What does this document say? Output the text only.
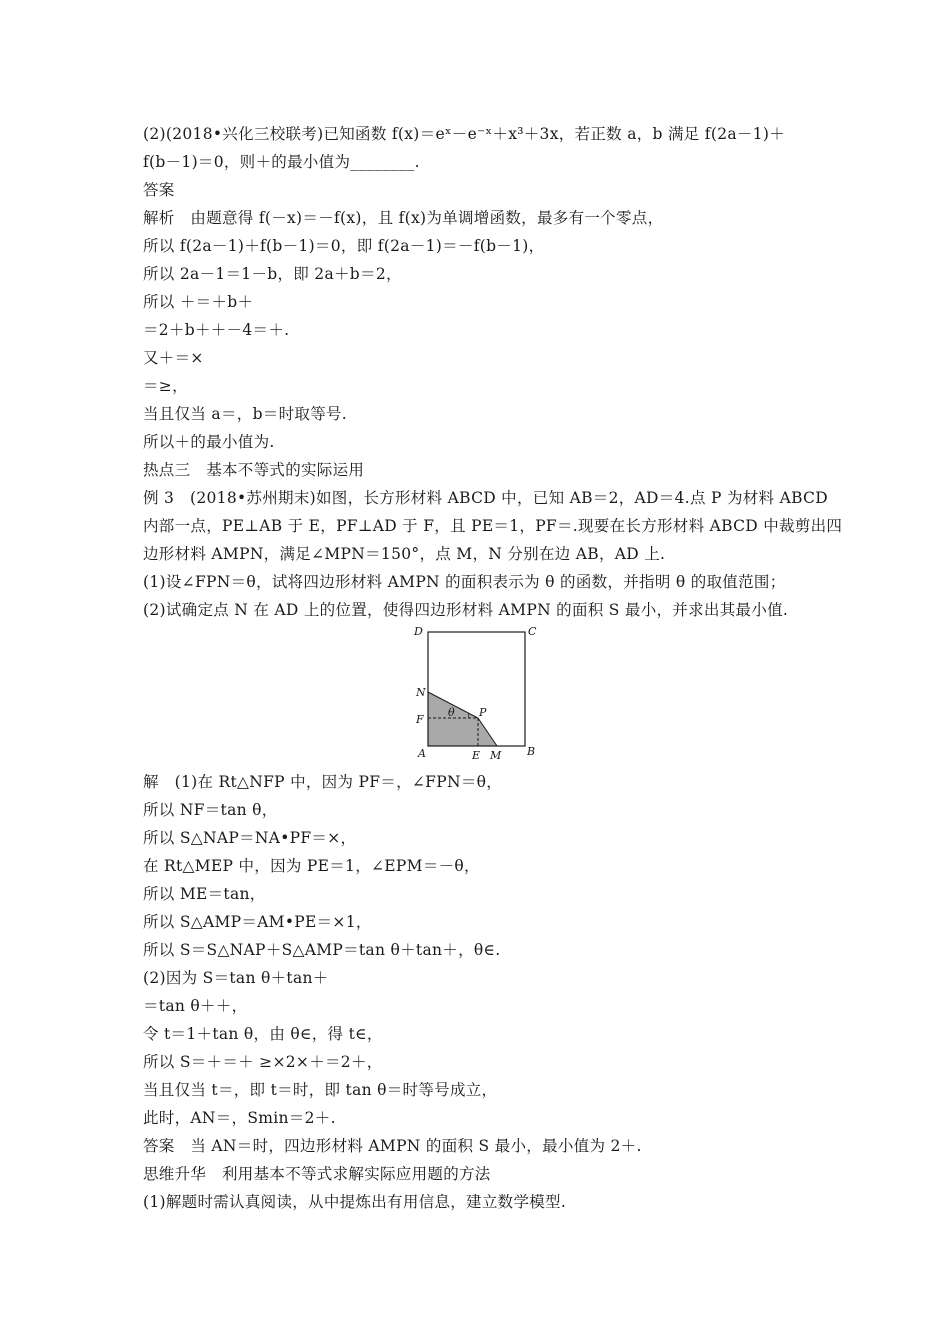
(2)(2018•兴化三校联考)已知函数 f(x)＝eˣ－e⁻ˣ＋x³＋3x，若正数 a，b 满足 f(2a－1)＋
f(b－1)＝0，则＋的最小值为________.
答案
解析　由题意得 f(－x)＝－f(x)，且 f(x)为单调增函数，最多有一个零点，
所以 f(2a－1)＋f(b－1)＝0，即 f(2a－1)＝－f(b－1)，
所以 2a－1＝1－b，即 2a＋b＝2，
所以 ＋＝＋b＋
＝2＋b＋＋－4＝＋.
又＋＝×
＝≥，
当且仅当 a＝，b＝时取等号.
所以＋的最小值为.
热点三　基本不等式的实际运用
例 3　(2018•苏州期末)如图，长方形材料 ABCD 中，已知 AB＝2，AD＝4.点 P 为材料 ABCD
内部一点，PE⊥AB 于 E，PF⊥AD 于 F，且 PE＝1，PF＝.现要在长方形材料 ABCD 中裁剪出四
边形材料 AMPN，满足∠MPN＝150°，点 M，N 分别在边 AB，AD 上.
(1)设∠FPN＝θ，试将四边形材料 AMPN 的面积表示为 θ 的函数，并指明 θ 的取值范围；
(2)试确定点 N 在 AD 上的位置，使得四边形材料 AMPN 的面积 S 最小，并求出其最小值.
D	C
N
F
P
θ
A	E M B
解　(1)在 Rt△NFP 中，因为 PF＝，∠FPN＝θ，
所以 NF＝tan θ，
所以 S△NAP＝NA•PF＝×，
在 Rt△MEP 中，因为 PE＝1，∠EPM＝－θ，
所以 ME＝tan，
所以 S△AMP＝AM•PE＝×1，
所以 S＝S△NAP＋S△AMP＝tan θ＋tan＋，θ∈.
(2)因为 S＝tan θ＋tan＋
＝tan θ＋＋，
令 t＝1＋tan θ，由 θ∈，得 t∈，
所以 S＝＋＝＋ ≥×2×＋＝2＋，
当且仅当 t＝，即 t＝时，即 tan θ＝时等号成立，
此时，AN＝，Smin＝2＋.
答案　当 AN＝时，四边形材料 AMPN 的面积 S 最小，最小值为 2＋.
思维升华　利用基本不等式求解实际应用题的方法
(1)解题时需认真阅读，从中提炼出有用信息，建立数学模型.
